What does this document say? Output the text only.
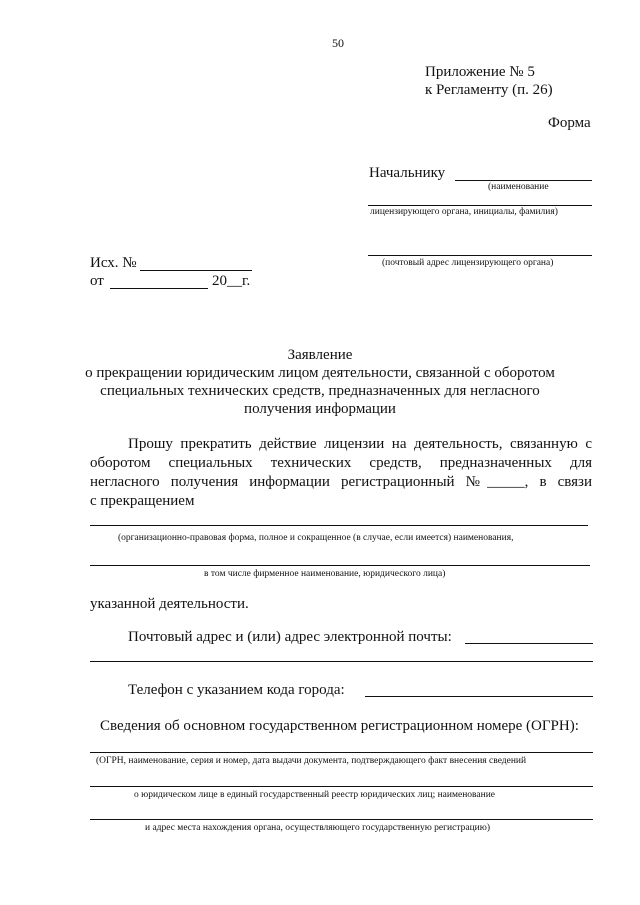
50
Приложение № 5
к Регламенту (п. 26)
Форма
Начальнику
(наименование
лицензирующего органа, инициалы, фамилия)
(почтовый адрес лицензирующего органа)
Исх. №
от	20__г.
Заявление
о прекращении юридическим лицом деятельности, связанной с оборотом
специальных технических средств, предназначенных для негласного
получения информации
Прошу прекратить действие лицензии на деятельность, связанную с
оборотом специальных технических средств, предназначенных для
негласного получения информации регистрационный №_____, в связи
с прекращением
(организационно-правовая форма, полное и сокращенное (в случае, если имеется) наименования,
в том числе фирменное наименование, юридического лица)
указанной деятельности.
Почтовый адрес и (или) адрес электронной почты:
Телефон с указанием кода города:
Сведения об основном государственном регистрационном номере (ОГРН):
(ОГРН, наименование, серия и номер, дата выдачи документа, подтверждающего факт внесения сведений
о юридическом лице в единый государственный реестр юридических лиц; наименование
и адрес места нахождения органа, осуществляющего государственную регистрацию)
